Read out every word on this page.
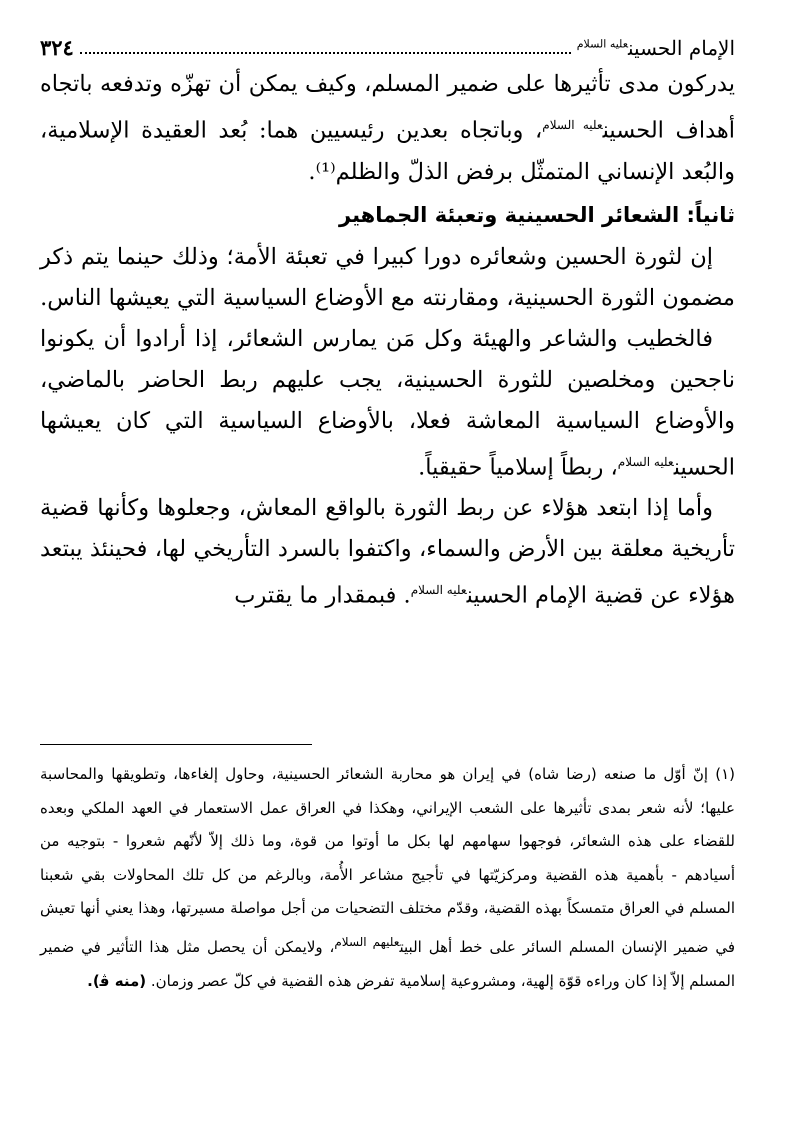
الإمام الحسين$^{عليه السلام}$
٣٢٤

يدركون مدى تأثيرها على ضمير المسلم، وكيف يمكن أن تهزّه وتدفعه باتجاه أهداف الحسين$^{عليه السلام}$، وباتجاه بعدين رئيسيين هما: بُعد العقيدة الإسلامية، والبُعد الإنساني المتمثّل برفض الذلّ والظلم⁽¹⁾.

ثانياً: الشعائر الحسينية وتعبئة الجماهير

إن لثورة الحسين وشعائره دورا كبيرا في تعبئة الأمة؛ وذلك حينما يتم ذكر مضمون الثورة الحسينية، ومقارنته مع الأوضاع السياسية التي يعيشها الناس.

فالخطيب والشاعر والهيئة وكل مَن يمارس الشعائر، إذا أرادوا أن يكونوا ناجحين ومخلصين للثورة الحسينية، يجب عليهم ربط الحاضر بالماضي، والأوضاع السياسية المعاشة فعلا، بالأوضاع السياسية التي كان يعيشها الحسين$^{عليه السلام}$، ربطاً إسلامياً حقيقياً.

وأما إذا ابتعد هؤلاء عن ربط الثورة بالواقع المعاش، وجعلوها وكأنها قضية تأريخية معلقة بين الأرض والسماء، واكتفوا بالسرد التأريخي لها، فحينئذ يبتعد هؤلاء عن قضية الإمام الحسين$^{عليه السلام}$. فبمقدار ما يقترب

(١) إنّ أوّل ما صنعه (رضا شاه) في إيران هو محاربة الشعائر الحسينية، وحاول إلغاءها، وتطويقها والمحاسبة عليها؛ لأنه شعر بمدى تأثيرها على الشعب الإيراني، وهكذا في العراق عمل الاستعمار في العهد الملكي وبعده للقضاء على هذه الشعائر، فوجهوا سهامهم لها بكل ما أوتوا من قوة، وما ذلك إلاّ لأنّهم شعروا - بتوجيه من أسيادهم - بأهمية هذه القضية ومركزيّتها في تأجيج مشاعر الأُمة، وبالرغم من كل تلك المحاولات بقي شعبنا المسلم في العراق متمسكاً بهذه القضية، وقدّم مختلف التضحيات من أجل مواصلة مسيرتها، وهذا يعني أنها تعيش في ضمير الإنسان المسلم السائر على خط أهل البيت$^{عليهم السلام}$، ولايمكن أن يحصل مثل هذا التأثير في ضمير المسلم إلاّ إذا كان وراءه قوّة إلهية، ومشروعية إسلامية تفرض هذه القضية في كلّ عصر وزمان. (منه ﭬ).
